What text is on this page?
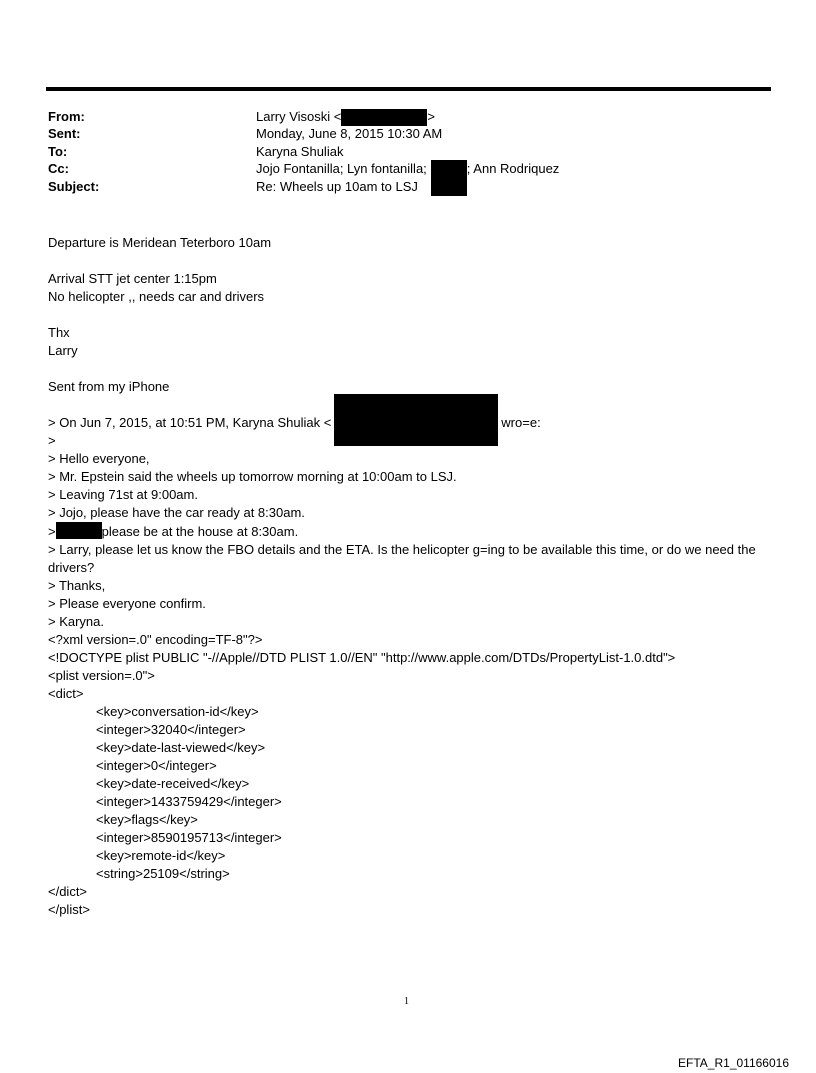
From:	Larry Visoski <	>
Sent:	Monday, June 8, 2015 10:30 AM
To:	Karyna Shuliak
Cc:	Jojo Fontanilla; Lyn fontanilla;	; Ann Rodriquez
Subject:	Re: Wheels up 10am to LSJ

Departure is Meridean Teterboro 10am

Arrival STT jet center 1:15pm

No helicopter ,, needs car and drivers

Thx

Larry

Sent from my iPhone

> On Jun 7, 2015, at 10:51 PM, Karyna Shuliak <	wro=e:

>

> Hello everyone,

> Mr. Epstein said the wheels up tomorrow morning at 10:00am to LSJ.

> Leaving 71st at 9:00am.

> Jojo, please have the car ready at 8:30am.

>	please be at the house at 8:30am.

> Larry, please let us know the FBO details and the ETA. Is the helicopter g=ing to be available this time, or do we need the drivers?

> Thanks,

> Please everyone confirm.

> Karyna.

<?xml version=.0" encoding=TF-8"?>

<!DOCTYPE plist PUBLIC "-//Apple//DTD PLIST 1.0//EN" "http://www.apple.com/DTDs/PropertyList-1.0.dtd">

<plist version=.0">

<dict>

<key>conversation-id</key>

<integer>32040</integer>

<key>date-last-viewed</key>

<integer>0</integer>

<key>date-received</key>

<integer>1433759429</integer>

<key>flags</key>

<integer>8590195713</integer>

<key>remote-id</key>

<string>25109</string>

</dict>

</plist>

1
EFTA_R1_01166016
